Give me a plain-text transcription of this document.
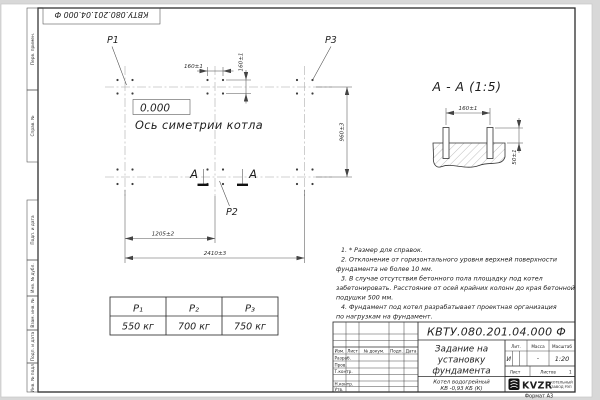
Перв. примен.
Справ. №
Подп. и дата
Инв. № дубл.
Взам. инв. №
Подп. и дата
Инв. № подл.
КВТУ.080.201.04.000 Ф
P1	P3
P2
0.000
Ось симетрии котла
160±1	160±1
960±3
1205±2
2410±3
А	А
А - А (1:5)
160±1
50±1
P₁	P₂	P₃
550 кг	700 кг	750 кг
1. * Размер для справок.
2. Отклонение от горизонтального уровня верхней поверхности
фундамента не более 10 мм.
3. В случае отсутствия бетонного пола площадку под котел
забетонировать. Расстояние от осей крайних колонн до края бетонной
подушки 500 мм.
4. Фундамент под котел разрабатывает проектная организация
по нагрузкам на фундамент.
КВТУ.080.201.04.000 Ф
Изм. Лист № докум. Подп. Дата
Разраб.
Пров.
Т.контр.
Н.контр.
Утв.
Задание на
установку
фундамента
Котел водогрейный
КВ -0,93 КБ (К)
Лит. Масса Масштаб
И	- 1:20
Лист	Листов	1
KVZR
КОТЕЛЬНЫЙ
ЗАВОД РЭП
Формат А3
